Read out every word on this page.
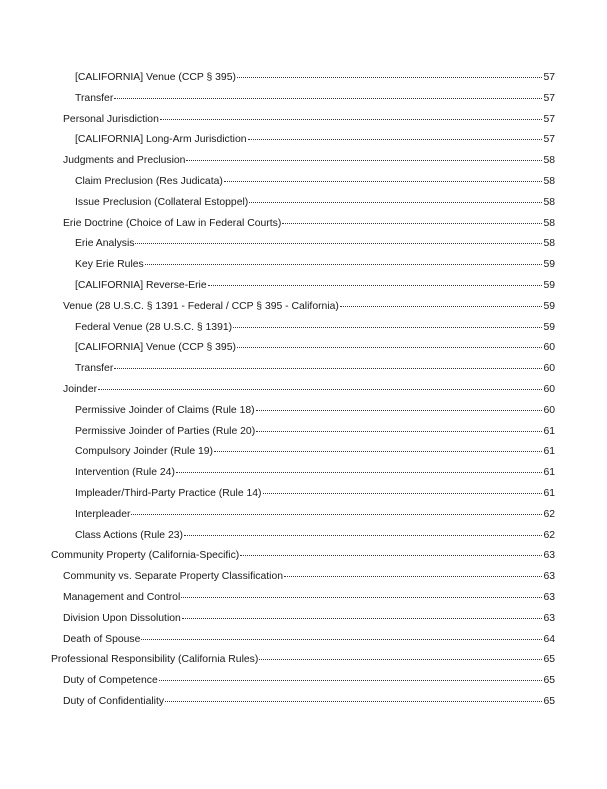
[CALIFORNIA] Venue (CCP § 395)	57
Transfer	57
Personal Jurisdiction	57
[CALIFORNIA] Long-Arm Jurisdiction	57
Judgments and Preclusion	58
Claim Preclusion (Res Judicata)	58
Issue Preclusion (Collateral Estoppel)	58
Erie Doctrine (Choice of Law in Federal Courts)	58
Erie Analysis	58
Key Erie Rules	59
[CALIFORNIA] Reverse-Erie	59
Venue (28 U.S.C. § 1391 - Federal / CCP § 395 - California)	59
Federal Venue (28 U.S.C. § 1391)	59
[CALIFORNIA] Venue (CCP § 395)	60
Transfer	60
Joinder	60
Permissive Joinder of Claims (Rule 18)	60
Permissive Joinder of Parties (Rule 20)	61
Compulsory Joinder (Rule 19)	61
Intervention (Rule 24)	61
Impleader/Third-Party Practice (Rule 14)	61
Interpleader	62
Class Actions (Rule 23)	62
Community Property (California-Specific)	63
Community vs. Separate Property Classification	63
Management and Control	63
Division Upon Dissolution	63
Death of Spouse	64
Professional Responsibility (California Rules)	65
Duty of Competence	65
Duty of Confidentiality	65
